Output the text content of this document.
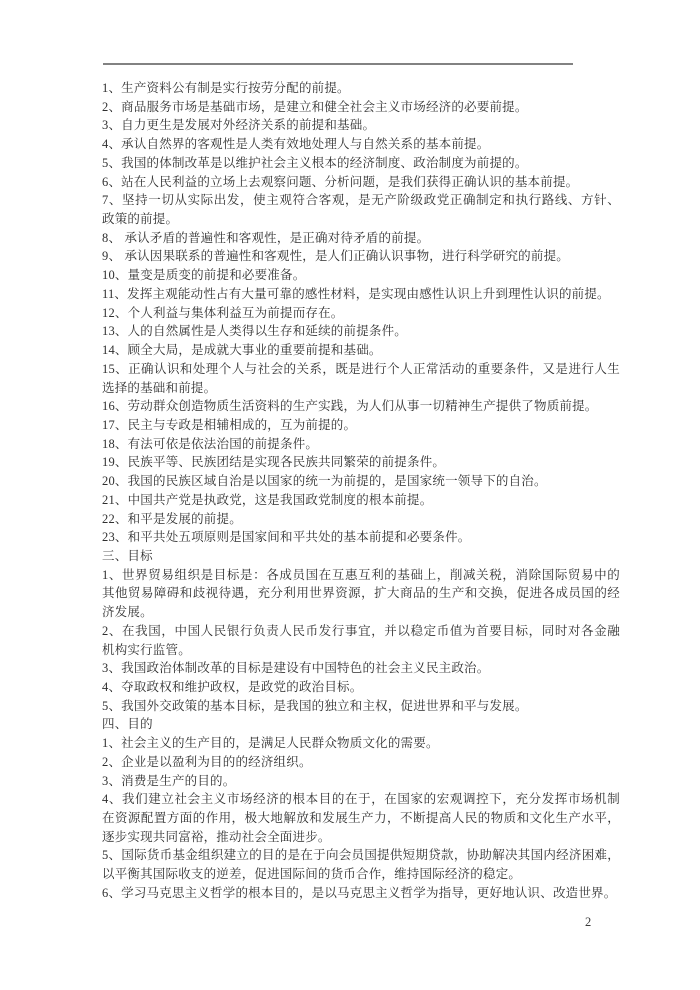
1、生产资料公有制是实行按劳分配的前提。
2、商品服务市场是基础市场，是建立和健全社会主义市场经济的必要前提。
3、自力更生是发展对外经济关系的前提和基础。
4、承认自然界的客观性是人类有效地处理人与自然关系的基本前提。
5、我国的体制改革是以维护社会主义根本的经济制度、政治制度为前提的。
6、站在人民利益的立场上去观察问题、分析问题，是我们获得正确认识的基本前提。
7、坚持一切从实际出发，使主观符合客观，是无产阶级政党正确制定和执行路线、方针、
政策的前提。
8、 承认矛盾的普遍性和客观性，是正确对待矛盾的前提。
9、 承认因果联系的普遍性和客观性，是人们正确认识事物，进行科学研究的前提。
10、量变是质变的前提和必要准备。
11、发挥主观能动性占有大量可靠的感性材料，是实现由感性认识上升到理性认识的前提。
12、个人利益与集体利益互为前提而存在。
13、人的自然属性是人类得以生存和延续的前提条件。
14、顾全大局，是成就大事业的重要前提和基础。
15、正确认识和处理个人与社会的关系，既是进行个人正常活动的重要条件，又是进行人生
选择的基础和前提。
16、劳动群众创造物质生活资料的生产实践，为人们从事一切精神生产提供了物质前提。
17、民主与专政是相辅相成的，互为前提的。
18、有法可依是依法治国的前提条件。
19、民族平等、民族团结是实现各民族共同繁荣的前提条件。
20、我国的民族区域自治是以国家的统一为前提的，是国家统一领导下的自治。
21、中国共产党是执政党，这是我国政党制度的根本前提。
22、和平是发展的前提。
23、和平共处五项原则是国家间和平共处的基本前提和必要条件。
三、目标
1、世界贸易组织是目标是：各成员国在互惠互利的基础上，削减关税，消除国际贸易中的
其他贸易障碍和歧视待遇，充分利用世界资源，扩大商品的生产和交换，促进各成员国的经
济发展。
2、在我国，中国人民银行负责人民币发行事宜，并以稳定币值为首要目标，同时对各金融
机构实行监管。
3、我国政治体制改革的目标是建设有中国特色的社会主义民主政治。
4、夺取政权和维护政权，是政党的政治目标。
5、我国外交政策的基本目标，是我国的独立和主权，促进世界和平与发展。
四、目的
1、社会主义的生产目的，是满足人民群众物质文化的需要。
2、企业是以盈利为目的的经济组织。
3、消费是生产的目的。
4、我们建立社会主义市场经济的根本目的在于，在国家的宏观调控下，充分发挥市场机制
在资源配置方面的作用，极大地解放和发展生产力，不断提高人民的物质和文化生产水平，
逐步实现共同富裕，推动社会全面进步。
5、国际货币基金组织建立的目的是在于向会员国提供短期贷款，协助解决其国内经济困难，
以平衡其国际收支的逆差，促进国际间的货币合作，维持国际经济的稳定。
6、学习马克思主义哲学的根本目的，是以马克思主义哲学为指导，更好地认识、改造世界。
2
